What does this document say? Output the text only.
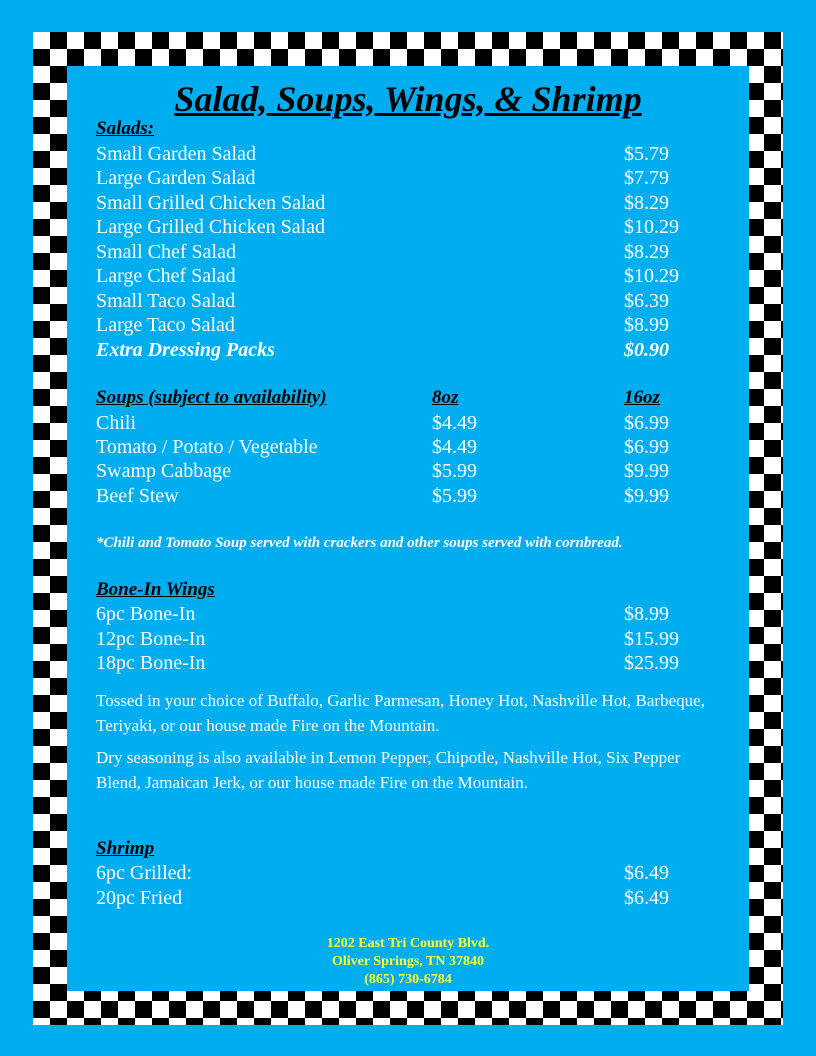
Salad, Soups, Wings, & Shrimp
Salads:
Small Garden Salad	$5.79
Large Garden Salad	$7.79
Small Grilled Chicken Salad	$8.29
Large Grilled Chicken Salad	$10.29
Small Chef Salad	$8.29
Large Chef Salad	$10.29
Small Taco Salad	$6.39
Large Taco Salad	$8.99
Extra Dressing Packs	$0.90
Soups (subject to availability)	8oz	16oz
Chili	$4.49	$6.99
Tomato / Potato / Vegetable	$4.49	$6.99
Swamp Cabbage	$5.99	$9.99
Beef Stew	$5.99	$9.99
*Chili and Tomato Soup served with crackers and other soups served with cornbread.
Bone-In Wings
6pc Bone-In	$8.99
12pc Bone-In	$15.99
18pc Bone-In	$25.99
Tossed in your choice of Buffalo, Garlic Parmesan, Honey Hot, Nashville Hot, Barbeque, Teriyaki, or our house made Fire on the Mountain.
Dry seasoning is also available in Lemon Pepper, Chipotle, Nashville Hot, Six Pepper Blend, Jamaican Jerk, or our house made Fire on the Mountain.
Shrimp
6pc Grilled:	$6.49
20pc Fried	$6.49
1202 East Tri County Blvd.
Oliver Springs, TN 37840
(865) 730-6784
